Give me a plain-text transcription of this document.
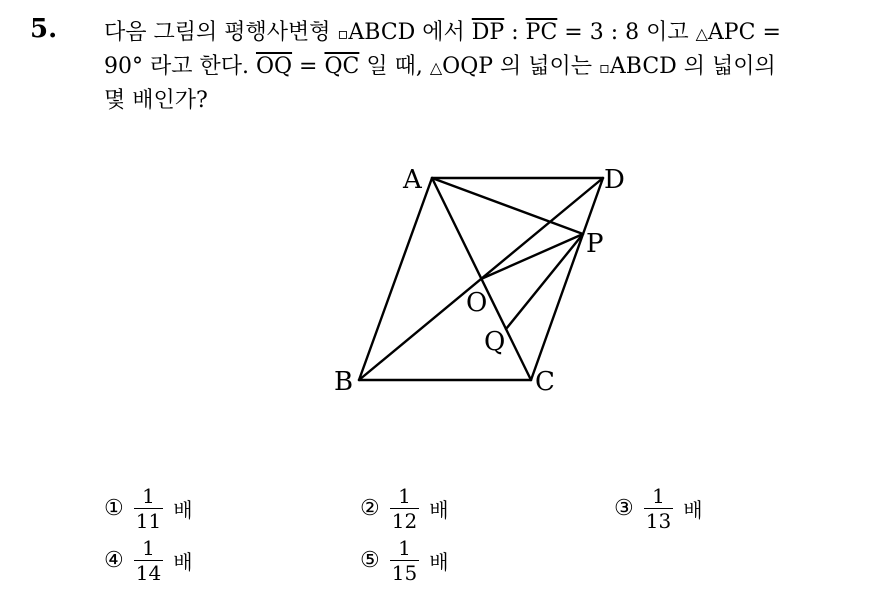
5. 다음 그림의 평행사변형 ▫ABCD 에서 $\overline{DP}$ : $\overline{PC} = 3$ : 8 이고 △APC =
90° 라고 한다. $\overline{OQ} = \overline{QC}$ 일 때, △OQP 의 넓이는 ▫ABCD 의 넓이의
몇 배인가?
A	D
P
O
Q
B	C
① $\frac{1}{11}$ 배	② $\frac{1}{12}$ 배	③ $\frac{1}{13}$ 배
④ $\frac{1}{14}$ 배	⑤ $\frac{1}{15}$ 배
